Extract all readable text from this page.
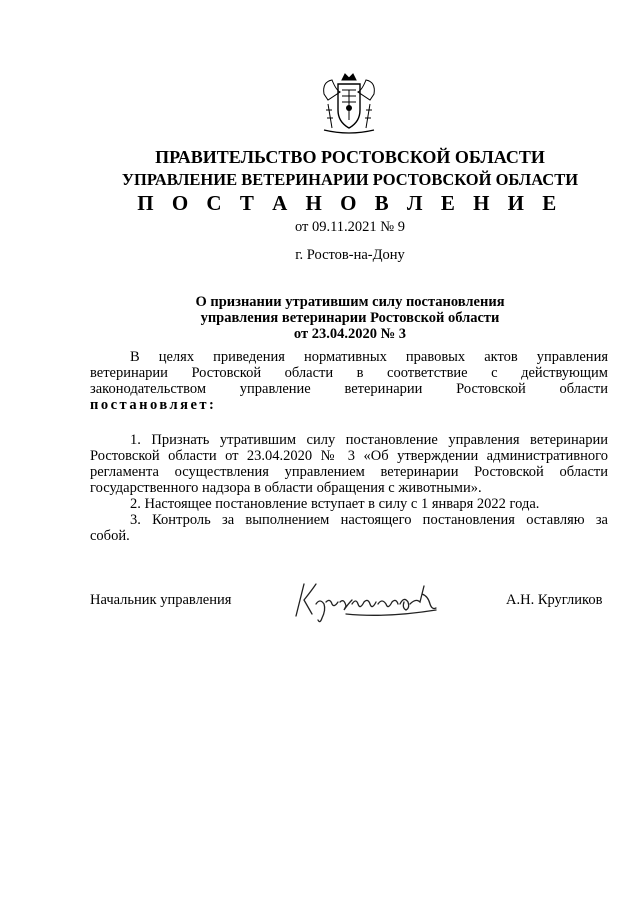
ПРАВИТЕЛЬСТВО РОСТОВСКОЙ ОБЛАСТИ
УПРАВЛЕНИЕ ВЕТЕРИНАРИИ РОСТОВСКОЙ ОБЛАСТИ
П О С Т А Н О В Л Е Н И Е
от 09.11.2021 № 9
г. Ростов-на-Дону
О признании утратившим силу постановления
управления ветеринарии Ростовской области
от 23.04.2020 № 3
В целях приведения нормативных правовых актов управления
ветеринарии Ростовской области в соответствие с действующим
законодательством управление ветеринарии Ростовской области
постановляет:
1. Признать утратившим силу постановление управления ветеринарии
Ростовской области от 23.04.2020 № 3 «Об утверждении административного
регламента осуществления управлением ветеринарии Ростовской области
государственного надзора в области обращения с животными».
2. Настоящее постановление вступает в силу с 1 января 2022 года.
3. Контроль за выполнением настоящего постановления оставляю за
собой.
Начальник управления	А.Н. Кругликов
